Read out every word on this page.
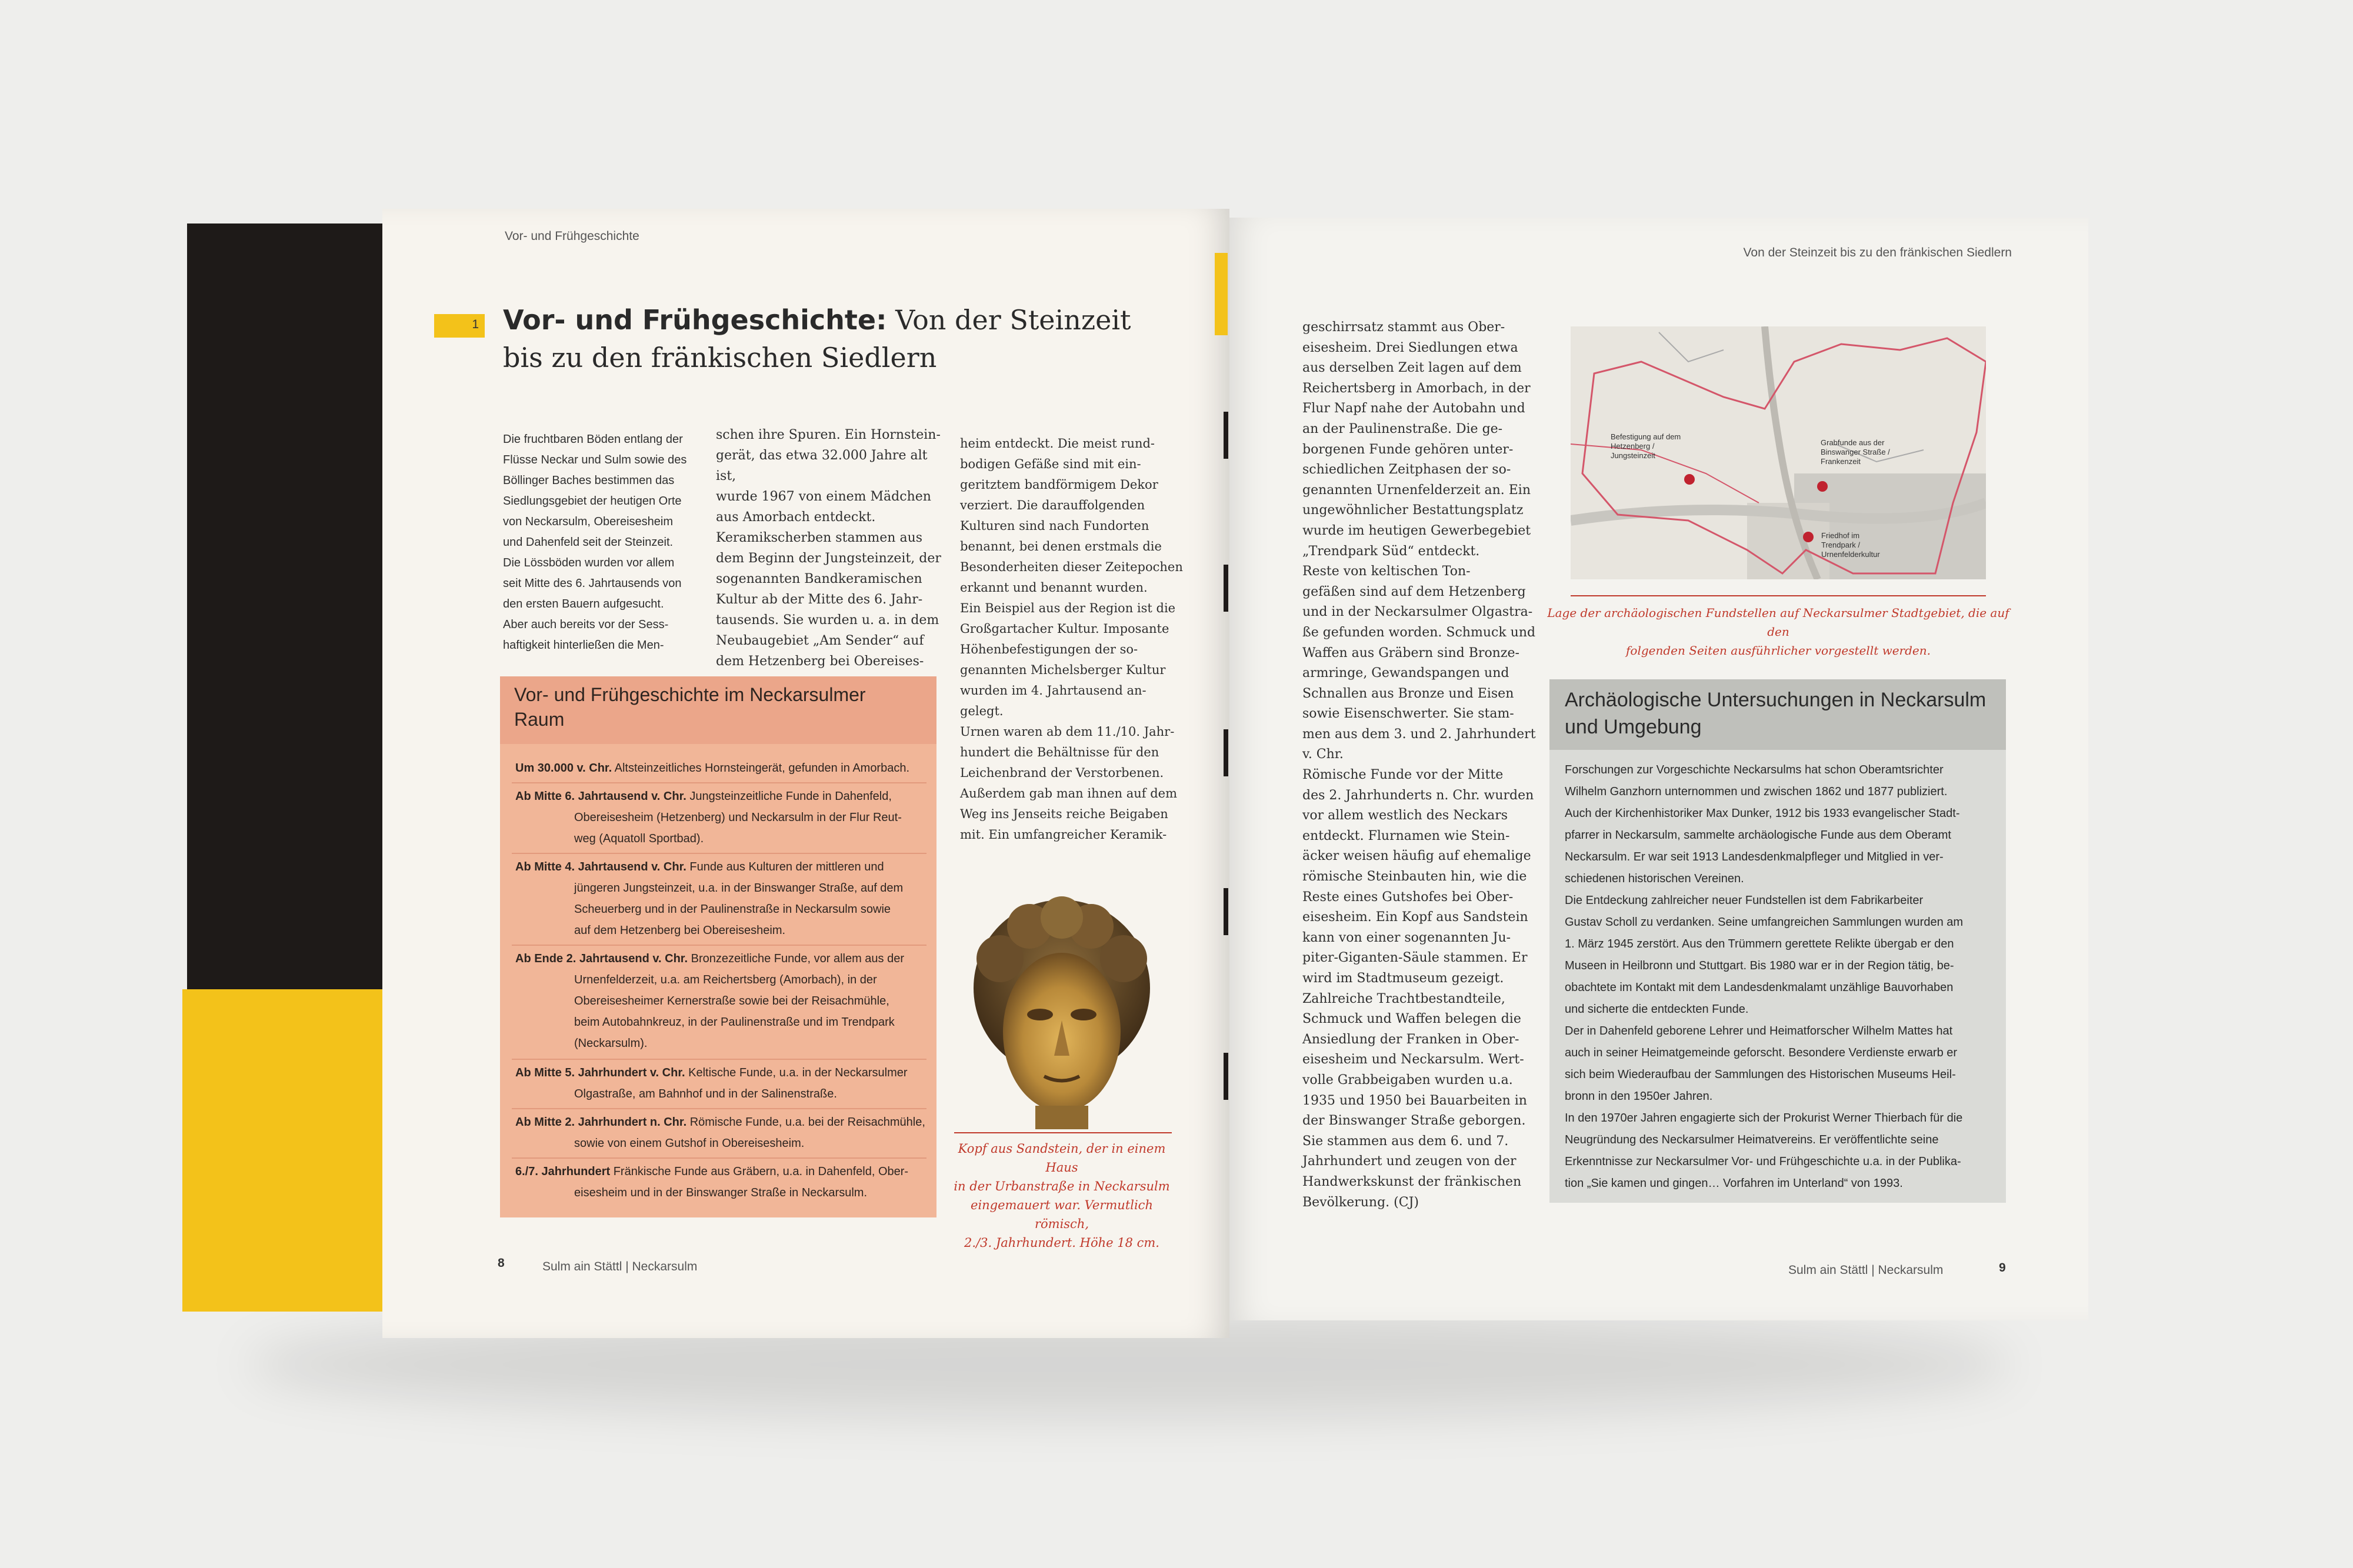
Vor- und Frühgeschichte
1 Vor- und Frühgeschichte: Von der Steinzeit bis zu den fränkischen Siedlern
Die fruchtbaren Böden entlang der
Flüsse Neckar und Sulm sowie des
Böllinger Baches bestimmen das
Siedlungsgebiet der heutigen Orte
von Neckarsulm, Obereisesheim
und Dahenfeld seit der Steinzeit.
Die Lössböden wurden vor allem
seit Mitte des 6. Jahrtausends von
den ersten Bauern aufgesucht.
Aber auch bereits vor der Sess-
haftigkeit hinterließen die Men-
schen ihre Spuren. Ein Hornstein-
gerät, das etwa 32.000 Jahre alt ist,
wurde 1967 von einem Mädchen
aus Amorbach entdeckt.
Keramikscherben stammen aus
dem Beginn der Jungsteinzeit, der
sogenannten Bandkeramischen
Kultur ab der Mitte des 6. Jahr-
tausends. Sie wurden u. a. in dem
Neubaugebiet „Am Sender“ auf
dem Hetzenberg bei Obereises-
heim entdeckt. Die meist rund-
bodigen Gefäße sind mit ein-
geritztem bandförmigem Dekor
verziert. Die darauffolgenden
Kulturen sind nach Fundorten
benannt, bei denen erstmals die
Besonderheiten dieser Zeitepochen
erkannt und benannt wurden.
Ein Beispiel aus der Region ist die
Großgartacher Kultur. Imposante
Höhenbefestigungen der so-
genannten Michelsberger Kultur
wurden im 4. Jahrtausend an-
gelegt.
Urnen waren ab dem 11./10. Jahr-
hundert die Behältnisse für den
Leichenbrand der Verstorbenen.
Außerdem gab man ihnen auf dem
Weg ins Jenseits reiche Beigaben
mit. Ein umfangreicher Keramik-
Vor- und Frühgeschichte im Neckarsulmer Raum
Um 30.000 v. Chr. Altsteinzeitliches Hornsteingerät, gefunden in Amorbach.
Ab Mitte 6. Jahrtausend v. Chr. Jungsteinzeitliche Funde in Dahenfeld,
Obereisesheim (Hetzenberg) und Neckarsulm in der Flur Reut-
weg (Aquatoll Sportbad).
Ab Mitte 4. Jahrtausend v. Chr. Funde aus Kulturen der mittleren und
jüngeren Jungsteinzeit, u.a. in der Binswanger Straße, auf dem
Scheuerberg und in der Paulinenstraße in Neckarsulm sowie
auf dem Hetzenberg bei Obereisesheim.
Ab Ende 2. Jahrtausend v. Chr. Bronzezeitliche Funde, vor allem aus der
Urnenfelderzeit, u.a. am Reichertsberg (Amorbach), in der
Obereisesheimer Kernerstraße sowie bei der Reisachmühle,
beim Autobahnkreuz, in der Paulinenstraße und im Trendpark
(Neckarsulm).
Ab Mitte 5. Jahrhundert v. Chr. Keltische Funde, u.a. in der Neckarsulmer
Olgastraße, am Bahnhof und in der Salinenstraße.
Ab Mitte 2. Jahrhundert n. Chr. Römische Funde, u.a. bei der Reisachmühle,
sowie von einem Gutshof in Obereisesheim.
6./7. Jahrhundert Fränkische Funde aus Gräbern, u.a. in Dahenfeld, Ober-
eisesheim und in der Binswanger Straße in Neckarsulm.
Kopf aus Sandstein, der in einem Haus
in der Urbanstraße in Neckarsulm
eingemauert war. Vermutlich römisch,
2./3. Jahrhundert. Höhe 18 cm.
8	Sulm ain Stättl | Neckarsulm
Von der Steinzeit bis zu den fränkischen Siedlern
geschirrsatz stammt aus Ober-
eisesheim. Drei Siedlungen etwa
aus derselben Zeit lagen auf dem
Reichertsberg in Amorbach, in der
Flur Napf nahe der Autobahn und
an der Paulinenstraße. Die ge-
borgenen Funde gehören unter-
schiedlichen Zeitphasen der so-
genannten Urnenfelderzeit an. Ein
ungewöhnlicher Bestattungsplatz
wurde im heutigen Gewerbegebiet
„Trendpark Süd“ entdeckt.
Reste von keltischen Ton-
gefäßen sind auf dem Hetzenberg
und in der Neckarsulmer Olgastra-
ße gefunden worden. Schmuck und
Waffen aus Gräbern sind Bronze-
armringe, Gewandspangen und
Schnallen aus Bronze und Eisen
sowie Eisenschwerter. Sie stam-
men aus dem 3. und 2. Jahrhundert
v. Chr.
Römische Funde vor der Mitte
des 2. Jahrhunderts n. Chr. wurden
vor allem westlich des Neckars
entdeckt. Flurnamen wie Stein-
äcker weisen häufig auf ehemalige
römische Steinbauten hin, wie die
Reste eines Gutshofes bei Ober-
eisesheim. Ein Kopf aus Sandstein
kann von einer sogenannten Ju-
piter-Giganten-Säule stammen. Er
wird im Stadtmuseum gezeigt.
Zahlreiche Trachtbestandteile,
Schmuck und Waffen belegen die
Ansiedlung der Franken in Ober-
eisesheim und Neckarsulm. Wert-
volle Grabbeigaben wurden u.a.
1935 und 1950 bei Bauarbeiten in
der Binswanger Straße geborgen.
Sie stammen aus dem 6. und 7.
Jahrhundert und zeugen von der
Handwerkskunst der fränkischen
Bevölkerung. (CJ)
Befestigung auf dem
Hetzenberg /
Jungsteinzeit
Grabfunde aus der
Binswanger Straße /
Frankenzeit
Friedhof im
Trendpark /
Urnenfelderkultur
Lage der archäologischen Fundstellen auf Neckarsulmer Stadtgebiet, die auf den
folgenden Seiten ausführlicher vorgestellt werden.
Archäologische Untersuchungen in Neckarsulm und Umgebung
Forschungen zur Vorgeschichte Neckarsulms hat schon Oberamtsrichter
Wilhelm Ganzhorn unternommen und zwischen 1862 und 1877 publiziert.
Auch der Kirchenhistoriker Max Dunker, 1912 bis 1933 evangelischer Stadt-
pfarrer in Neckarsulm, sammelte archäologische Funde aus dem Oberamt
Neckarsulm. Er war seit 1913 Landesdenkmalpfleger und Mitglied in ver-
schiedenen historischen Vereinen.
Die Entdeckung zahlreicher neuer Fundstellen ist dem Fabrikarbeiter
Gustav Scholl zu verdanken. Seine umfangreichen Sammlungen wurden am
1. März 1945 zerstört. Aus den Trümmern gerettete Relikte übergab er den
Museen in Heilbronn und Stuttgart. Bis 1980 war er in der Region tätig, be-
obachtete im Kontakt mit dem Landesdenkmalamt unzählige Bauvorhaben
und sicherte die entdeckten Funde.
Der in Dahenfeld geborene Lehrer und Heimatforscher Wilhelm Mattes hat
auch in seiner Heimatgemeinde geforscht. Besondere Verdienste erwarb er
sich beim Wiederaufbau der Sammlungen des Historischen Museums Heil-
bronn in den 1950er Jahren.
In den 1970er Jahren engagierte sich der Prokurist Werner Thierbach für die
Neugründung des Neckarsulmer Heimatvereins. Er veröffentlichte seine
Erkenntnisse zur Neckarsulmer Vor- und Frühgeschichte u.a. in der Publika-
tion „Sie kamen und gingen… Vorfahren im Unterland“ von 1993.
Sulm ain Stättl | Neckarsulm	9
